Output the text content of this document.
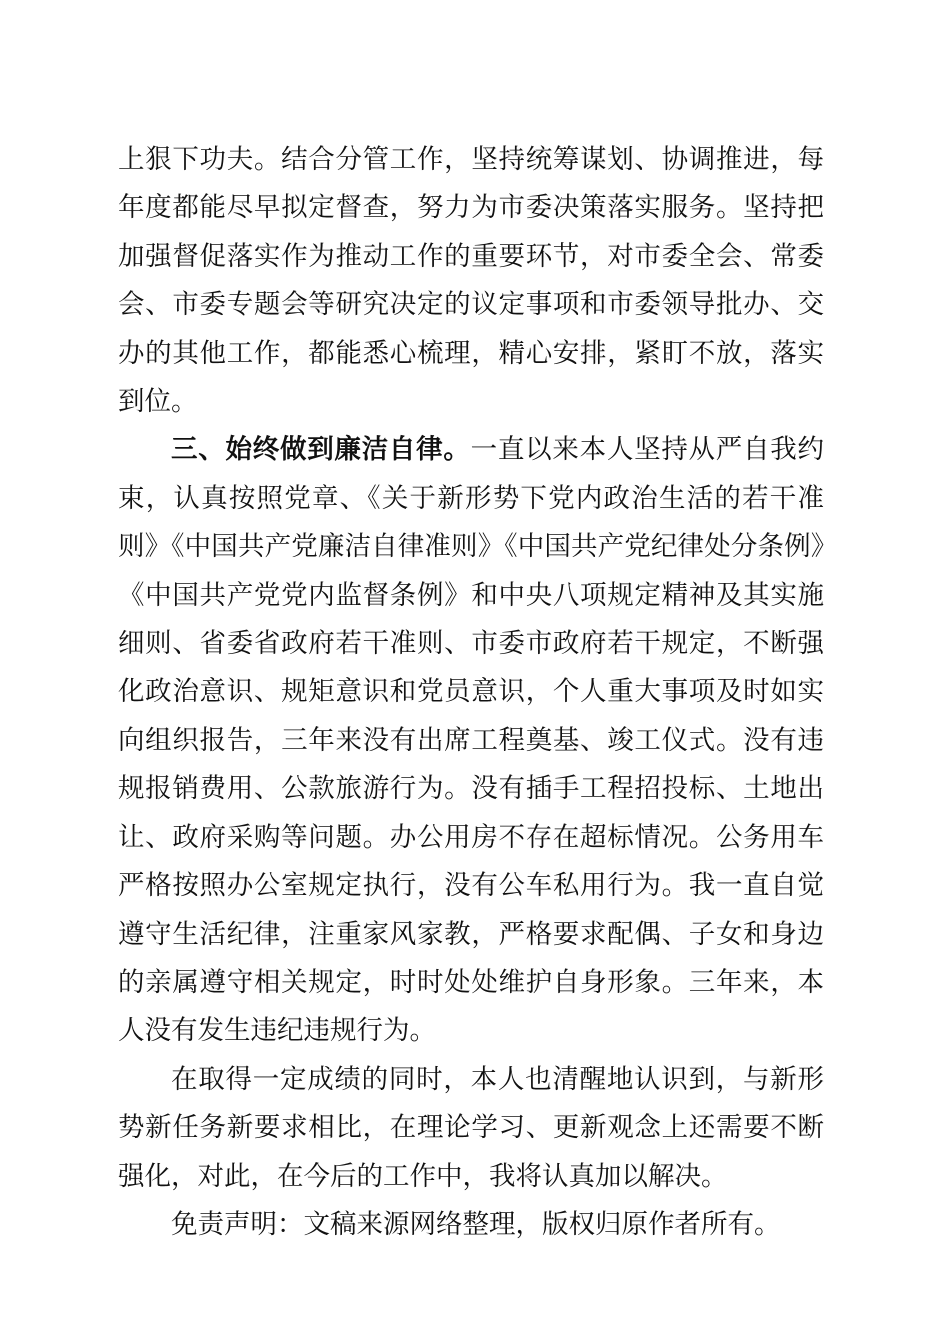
上狠下功夫。结合分管工作，坚持统筹谋划、协调推进，每年度都能尽早拟定督查，努力为市委决策落实服务。坚持把加强督促落实作为推动工作的重要环节，对市委全会、常委会、市委专题会等研究决定的议定事项和市委领导批办、交办的其他工作，都能悉心梳理，精心安排，紧盯不放，落实到位。

三、始终做到廉洁自律。一直以来本人坚持从严自我约束，认真按照党章、《关于新形势下党内政治生活的若干准则》《中国共产党廉洁自律准则》《中国共产党纪律处分条例》《中国共产党党内监督条例》和中央八项规定精神及其实施细则、省委省政府若干准则、市委市政府若干规定，不断强化政治意识、规矩意识和党员意识，个人重大事项及时如实向组织报告，三年来没有出席工程奠基、竣工仪式。没有违规报销费用、公款旅游行为。没有插手工程招投标、土地出让、政府采购等问题。办公用房不存在超标情况。公务用车严格按照办公室规定执行，没有公车私用行为。我一直自觉遵守生活纪律，注重家风家教，严格要求配偶、子女和身边的亲属遵守相关规定，时时处处维护自身形象。三年来，本人没有发生违纪违规行为。

在取得一定成绩的同时，本人也清醒地认识到，与新形势新任务新要求相比，在理论学习、更新观念上还需要不断强化，对此，在今后的工作中，我将认真加以解决。

免责声明：文稿来源网络整理，版权归原作者所有。
